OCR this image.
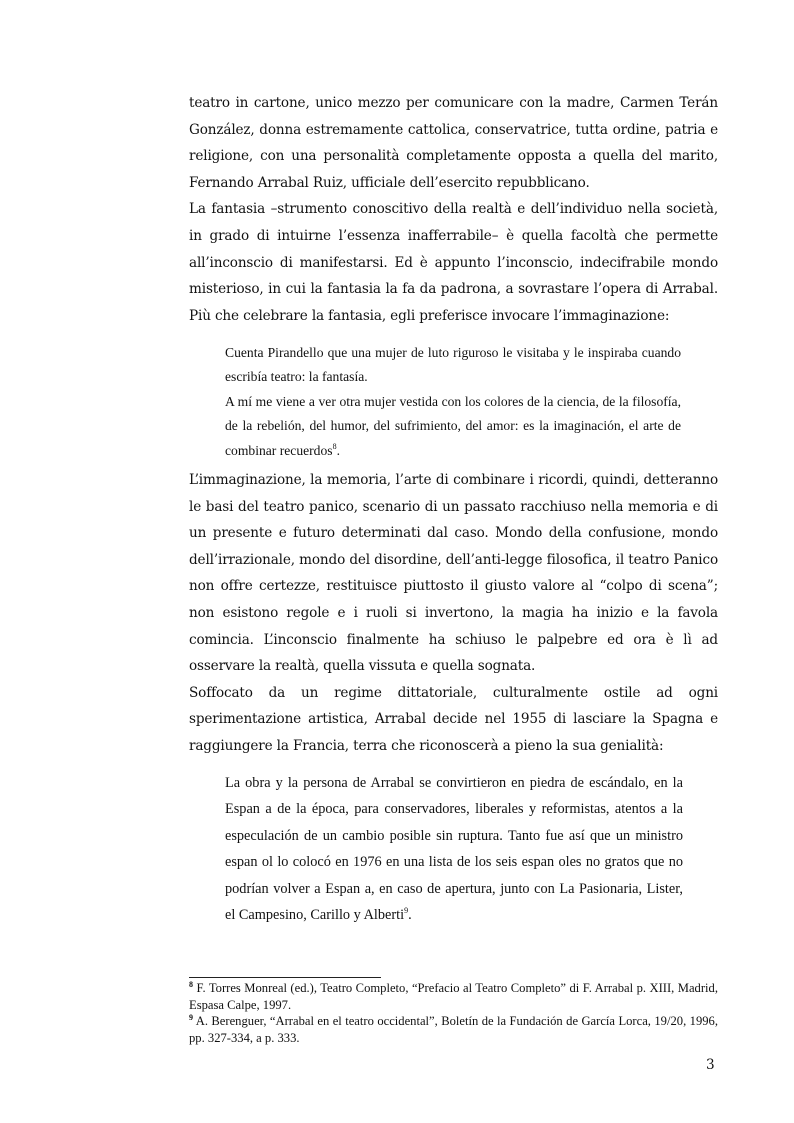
teatro in cartone, unico mezzo per comunicare con la madre, Carmen Terán González, donna estremamente cattolica, conservatrice, tutta ordine, patria e religione, con una personalità completamente opposta a quella del marito, Fernando Arrabal Ruiz, ufficiale dell’esercito repubblicano.

La fantasia –strumento conoscitivo della realtà e dell’individuo nella società, in grado di intuirne l’essenza inafferrabile– è quella facoltà che permette all’inconscio di manifestarsi. Ed è appunto l’inconscio, indecifrabile mondo misterioso, in cui la fantasia la fa da padrona, a sovrastare l’opera di Arrabal. Più che celebrare la fantasia, egli preferisce invocare l’immaginazione:

Cuenta Pirandello que una mujer de luto riguroso le visitaba y le inspiraba cuando escribía teatro: la fantasía.

A mí me viene a ver otra mujer vestida con los colores de la ciencia, de la filosofía, de la rebelión, del humor, del sufrimiento, del amor: es la imaginación, el arte de combinar recuerdos$^8$.

L’immaginazione, la memoria, l’arte di combinare i ricordi, quindi, detteranno le basi del teatro panico, scenario di un passato racchiuso nella memoria e di un presente e futuro determinati dal caso. Mondo della confusione, mondo dell’irrazionale, mondo del disordine, dell’anti-legge filosofica, il teatro Panico non offre certezze, restituisce piuttosto il giusto valore al “colpo di scena”; non esistono regole e i ruoli si invertono, la magia ha inizio e la favola comincia. L’inconscio finalmente ha schiuso le palpebre ed ora è lì ad osservare la realtà, quella vissuta e quella sognata.

Soffocato da un regime dittatoriale, culturalmente ostile ad ogni sperimentazione artistica, Arrabal decide nel 1955 di lasciare la Spagna e raggiungere la Francia, terra che riconoscerà a pieno la sua genialità:

La obra y la persona de Arrabal se convirtieron en piedra de escándalo, en la Espan a de la época, para conservadores, liberales y reformistas, atentos a la especulación de un cambio posible sin ruptura. Tanto fue así que un ministro espan ol lo colocó en 1976 en una lista de los seis espan oles no gratos que no podrían volver a Espan a, en caso de apertura, junto con La Pasionaria, Lister, el Campesino, Carillo y Alberti$^9$.

$^8$ F. Torres Monreal (ed.), Teatro Completo, “Prefacio al Teatro Completo” di F. Arrabal p. XIII, Madrid, Espasa Calpe, 1997.

$^9$ A. Berenguer, “Arrabal en el teatro occidental”, Boletín de la Fundación de García Lorca, 19/20, 1996, pp. 327-334, a p. 333.

3
